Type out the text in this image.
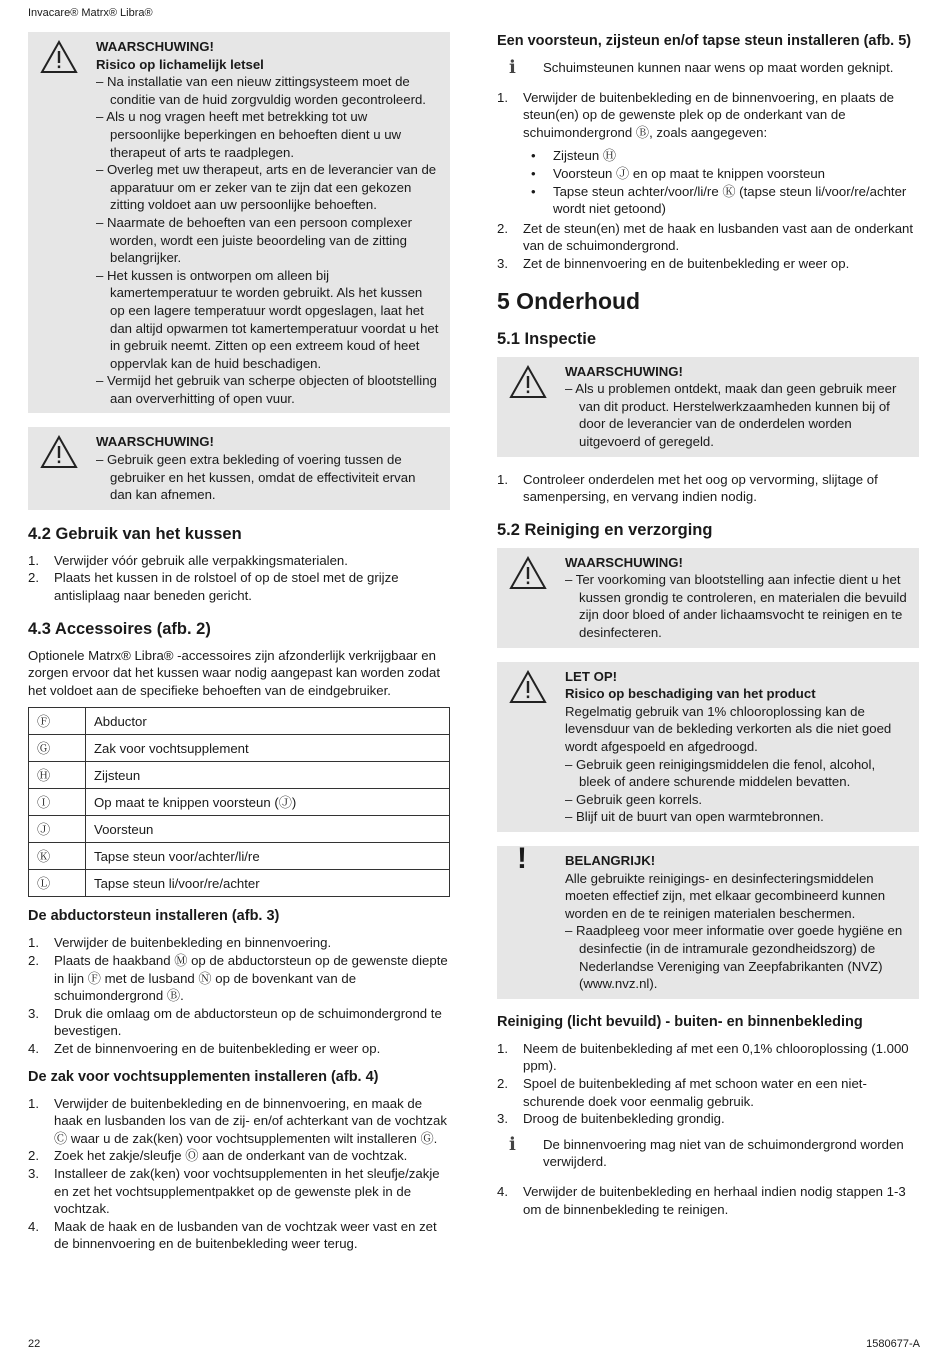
Invacare® Matrx® Libra®
WAARSCHUWING!
Risico op lichamelijk letsel
– Na installatie van een nieuw zittingsysteem moet de conditie van de huid zorgvuldig worden gecontroleerd.
– Als u nog vragen heeft met betrekking tot uw persoonlijke beperkingen en behoeften dient u uw therapeut of arts te raadplegen.
– Overleg met uw therapeut, arts en de leverancier van de apparatuur om er zeker van te zijn dat een gekozen zitting voldoet aan uw persoonlijke behoeften.
– Naarmate de behoeften van een persoon complexer worden, wordt een juiste beoordeling van de zitting belangrijker.
– Het kussen is ontworpen om alleen bij kamertemperatuur te worden gebruikt. Als het kussen op een lagere temperatuur wordt opgeslagen, laat het dan altijd opwarmen tot kamertemperatuur voordat u het in gebruik neemt. Zitten op een extreem koud of heet oppervlak kan de huid beschadigen.
– Vermijd het gebruik van scherpe objecten of blootstelling aan oververhitting of open vuur.
WAARSCHUWING!
– Gebruik geen extra bekleding of voering tussen de gebruiker en het kussen, omdat de effectiviteit ervan dan kan afnemen.
4.2 Gebruik van het kussen
1. Verwijder vóór gebruik alle verpakkingsmaterialen.
2. Plaats het kussen in de rolstoel of op de stoel met de grijze antisliplaag naar beneden gericht.
4.3 Accessoires (afb. 2)

Optionele Matrx® Libra® -accessoires zijn afzonderlijk verkrijgbaar en zorgen ervoor dat het kussen waar nodig aangepast kan worden zodat het voldoet aan de specifieke behoeften van de eindgebruiker.

Ⓕ	Abductor
Ⓖ	Zak voor vochtsupplement
Ⓗ	Zijsteun
Ⓘ	Op maat te knippen voorsteun (Ⓙ)
Ⓙ	Voorsteun
Ⓚ	Tapse steun voor/achter/li/re
Ⓛ	Tapse steun li/voor/re/achter
De abductorsteun installeren (afb. 3)
1. Verwijder de buitenbekleding en binnenvoering.
2. Plaats de haakband Ⓜ op de abductorsteun op de gewenste diepte in lijn Ⓕ met de lusband Ⓝ op de bovenkant van de schuimondergrond Ⓑ.
3. Druk die omlaag om de abductorsteun op de schuimondergrond te bevestigen.
4. Zet de binnenvoering en de buitenbekleding er weer op.
De zak voor vochtsupplementen installeren (afb. 4)
1. Verwijder de buitenbekleding en de binnenvoering, en maak de haak en lusbanden los van de zij- en/of achterkant van de vochtzak Ⓒ waar u de zak(ken) voor vochtsupplementen wilt installeren Ⓖ.
2. Zoek het zakje/sleufje Ⓞ aan de onderkant van de vochtzak.
3. Installeer de zak(ken) voor vochtsupplementen in het sleufje/zakje en zet het vochtsupplementpakket op de gewenste plek in de vochtzak.
4. Maak de haak en de lusbanden van de vochtzak weer vast en zet de binnenvoering en de buitenbekleding weer terug.
Een voorsteun, zijsteun en/of tapse steun installeren (afb. 5)
ℹ Schuimsteunen kunnen naar wens op maat worden geknipt.
1. Verwijder de buitenbekleding en de binnenvoering, en plaats de steun(en) op de gewenste plek op de onderkant van de schuimondergrond Ⓑ, zoals aangegeven:
• Zijsteun Ⓗ
• Voorsteun Ⓙ en op maat te knippen voorsteun
• Tapse steun achter/voor/li/re Ⓚ (tapse steun li/voor/re/achter wordt niet getoond)
2. Zet de steun(en) met de haak en lusbanden vast aan de onderkant van de schuimondergrond.
3. Zet de binnenvoering en de buitenbekleding er weer op.
5 Onderhoud
5.1 Inspectie
WAARSCHUWING!
– Als u problemen ontdekt, maak dan geen gebruik meer van dit product. Herstelwerkzaamheden kunnen bij of door de leverancier van de onderdelen worden uitgevoerd of geregeld.
1. Controleer onderdelen met het oog op vervorming, slijtage of samenpersing, en vervang indien nodig.
5.2 Reiniging en verzorging
WAARSCHUWING!
– Ter voorkoming van blootstelling aan infectie dient u het kussen grondig te controleren, en materialen die bevuild zijn door bloed of ander lichaamsvocht te reinigen en te desinfecteren.
LET OP!
Risico op beschadiging van het product
Regelmatig gebruik van 1% chlooroplossing kan de levensduur van de bekleding verkorten als die niet goed wordt afgespoeld en afgedroogd.
– Gebruik geen reinigingsmiddelen die fenol, alcohol, bleek of andere schurende middelen bevatten.
– Gebruik geen korrels.
– Blijf uit de buurt van open warmtebronnen.
!	BELANGRIJK!
Alle gebruikte reinigings- en desinfecteringsmiddelen moeten effectief zijn, met elkaar gecombineerd kunnen worden en de te reinigen materialen beschermen.
– Raadpleeg voor meer informatie over goede hygiëne en desinfectie (in de intramurale gezondheidszorg) de Nederlandse Vereniging van Zeepfabrikanten (NVZ) (www.nvz.nl).
Reiniging (licht bevuild) - buiten- en binnenbekleding
1. Neem de buitenbekleding af met een 0,1% chlooroplossing (1.000 ppm).
2. Spoel de buitenbekleding af met schoon water en een niet-schurende doek voor eenmalig gebruik.
3. Droog de buitenbekleding grondig.
ℹ De binnenvoering mag niet van de schuimondergrond worden verwijderd.
4. Verwijder de buitenbekleding en herhaal indien nodig stappen 1-3 om de binnenbekleding te reinigen.
22	1580677-A
